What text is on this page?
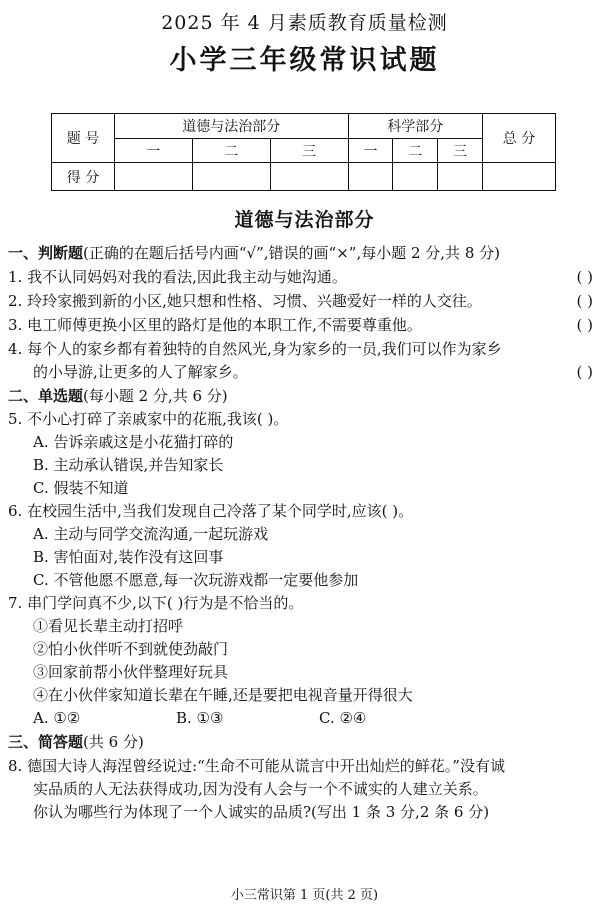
2025 年 4 月素质教育质量检测
小学三年级常识试题
题 号	道德与法治部分			科学部分			总 分
	一	二	三	一	二	三	
得 分							
道德与法治部分
一、判断题(正确的在题后括号内画“√”,错误的画“×”,每小题 2 分,共 8 分)
1. 我不认同妈妈对我的看法,因此我主动与她沟通。	( )
2. 玲玲家搬到新的小区,她只想和性格、习惯、兴趣爱好一样的人交往。	( )
3. 电工师傅更换小区里的路灯是他的本职工作,不需要尊重他。	( )
4. 每个人的家乡都有着独特的自然风光,身为家乡的一员,我们可以作为家乡
的小导游,让更多的人了解家乡。	( )
二、单选题(每小题 2 分,共 6 分)
5. 不小心打碎了亲戚家中的花瓶,我该( )。
A. 告诉亲戚这是小花猫打碎的
B. 主动承认错误,并告知家长
C. 假装不知道
6. 在校园生活中,当我们发现自己冷落了某个同学时,应该( )。
A. 主动与同学交流沟通,一起玩游戏
B. 害怕面对,装作没有这回事
C. 不管他愿不愿意,每一次玩游戏都一定要他参加
7. 串门学问真不少,以下( )行为是不恰当的。
①看见长辈主动打招呼
②怕小伙伴听不到就使劲敲门
③回家前帮小伙伴整理好玩具
④在小伙伴家知道长辈在午睡,还是要把电视音量开得很大
A. ①②	B. ①③	C. ②④
三、简答题(共 6 分)
8. 德国大诗人海涅曾经说过:“生命不可能从谎言中开出灿烂的鲜花。”没有诚
实品质的人无法获得成功,因为没有人会与一个不诚实的人建立关系。
你认为哪些行为体现了一个人诚实的品质?(写出 1 条 3 分,2 条 6 分)
小三常识第 1 页(共 2 页)
